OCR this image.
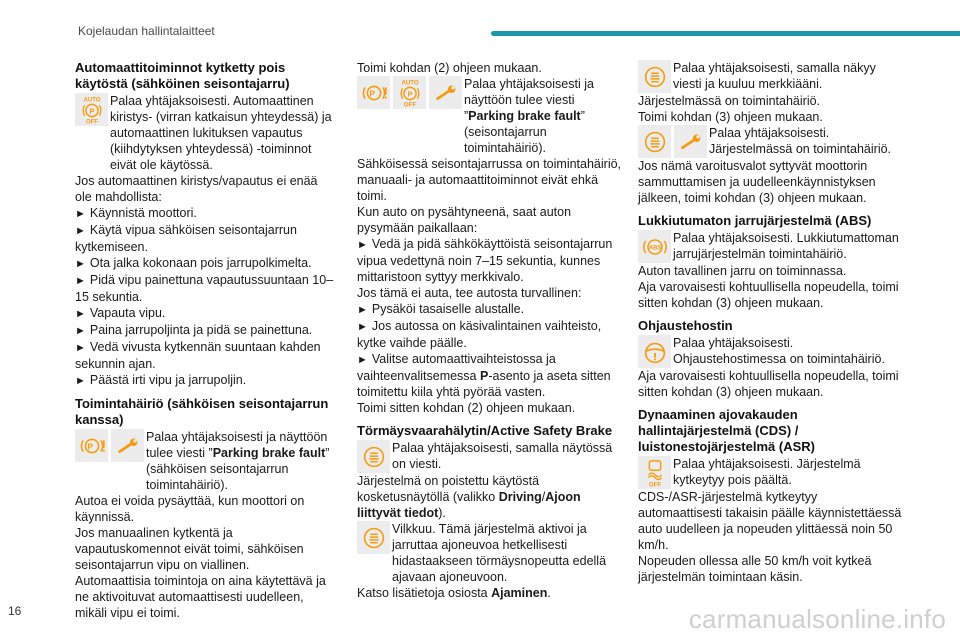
Kojelaudan hallintalaitteet
Automaattitoiminnot kytketty pois käytöstä (sähköinen seisontajarru)

Palaa yhtäjaksoisesti. Automaattinen kiristys- (virran katkaisun yhteydessä) ja automaattinen lukituksen vapautus (kiihdytyksen yhteydessä) -toiminnot eivät ole käytössä.

Jos automaattinen kiristys/vapautus ei enää ole mahdollista:

► Käynnistä moottori.

► Käytä vipua sähköisen seisontajarrun kytkemiseen.

► Ota jalka kokonaan pois jarrupolkimelta.

► Pidä vipu painettuna vapautussuuntaan 10–15 sekuntia.

► Vapauta vipu.

► Paina jarrupoljinta ja pidä se painettuna.

► Vedä vivusta kytkennän suuntaan kahden sekunnin ajan.

► Päästä irti vipu ja jarrupoljin.

Toimintahäiriö (sähköisen seisontajarrun kanssa)

Palaa yhtäjaksoisesti ja näyttöön tulee viesti ”Parking brake fault” (sähköisen seisontajarrun toimintahäiriö).

Autoa ei voida pysäyttää, kun moottori on käynnissä.

Jos manuaalinen kytkentä ja vapautuskomennot eivät toimi, sähköisen seisontajarrun vipu on viallinen.

Automaattisia toimintoja on aina käytettävä ja ne aktivoituvat automaattisesti uudelleen, mikäli vipu ei toimi.

Toimi kohdan (2) ohjeen mukaan.

Palaa yhtäjaksoisesti ja näyttöön tulee viesti ”Parking brake fault” (seisontajarrun toimintahäiriö).

Sähköisessä seisontajarrussa on toimintahäiriö, manuaali- ja automaattitoiminnot eivät ehkä toimi.

Kun auto on pysähtyneenä, saat auton pysymään paikallaan:

► Vedä ja pidä sähkökäyttöistä seisontajarrun vipua vedettynä noin 7–15 sekuntia, kunnes mittaristoon syttyy merkkivalo.

Jos tämä ei auta, tee autosta turvallinen:

► Pysäköi tasaiselle alustalle.

► Jos autossa on käsivalintainen vaihteisto, kytke vaihde päälle.

► Valitse automaattivaihteistossa ja vaihteenvalitsemessa P-asento ja aseta sitten toimitettu kiila yhtä pyörää vasten.

Toimi sitten kohdan (2) ohjeen mukaan.

Törmäysvaarahälytin/Active Safety Brake

Palaa yhtäjaksoisesti, samalla näytössä on viesti.

Järjestelmä on poistettu käytöstä kosketusnäytöllä (valikko Driving/Ajoon liittyvät tiedot).

Vilkkuu. Tämä järjestelmä aktivoi ja jarruttaa ajoneuvoa hetkellisesti hidastaakseen törmäysnopeutta edellä ajavaan ajoneuvoon.

Katso lisätietoja osiosta Ajaminen.

Palaa yhtäjaksoisesti, samalla näkyy viesti ja kuuluu merkkiääni.

Järjestelmässä on toimintahäiriö.

Toimi kohdan (3) ohjeen mukaan.

Palaa yhtäjaksoisesti. Järjestelmässä on toimintahäiriö.

Jos nämä varoitusvalot syttyvät moottorin sammuttamisen ja uudelleenkäynnistyksen jälkeen, toimi kohdan (3) ohjeen mukaan.

Lukkiutumaton jarrujärjestelmä (ABS)

Palaa yhtäjaksoisesti. Lukkiutumattoman jarrujärjestelmän toimintahäiriö.

Auton tavallinen jarru on toiminnassa.

Aja varovaisesti kohtuullisella nopeudella, toimi sitten kohdan (3) ohjeen mukaan.

Ohjaustehostin

Palaa yhtäjaksoisesti. Ohjaustehostimessa on toimintahäiriö.

Aja varovaisesti kohtuullisella nopeudella, toimi sitten kohdan (3) ohjeen mukaan.

Dynaaminen ajovakauden hallintajärjestelmä (CDS) / luistonestojärjestelmä (ASR)

Palaa yhtäjaksoisesti. Järjestelmä kytkeytyy pois päältä.

CDS-/ASR-järjestelmä kytkeytyy automaattisesti takaisin päälle käynnistettäessä auto uudelleen ja nopeuden ylittäessä noin 50 km/h.

Nopeuden ollessa alle 50 km/h voit kytkeä järjestelmän toimintaan käsin.

16	carmanualsonline.info
